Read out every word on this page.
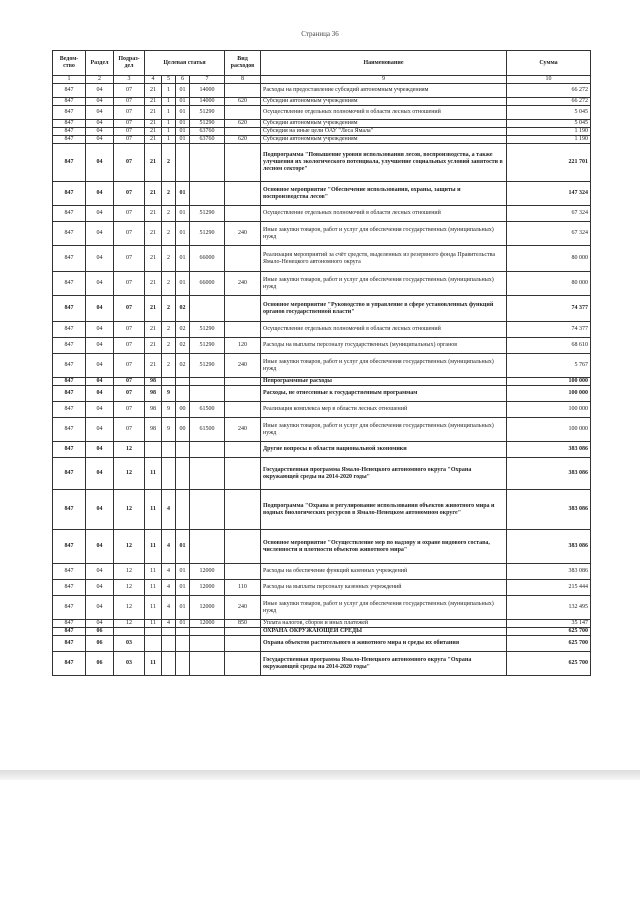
Страница 36
Ведом-ство	Раздел	Подраз-дел	Целевая статья				Вид расходов	Наименование	Сумма
1	2	3	4	5	6	7	8	9	10
847	04	07	21	1	01	14000		Расходы на предоставление субсидий автономным учреждениям	66 272
847	04	07	21	1	01	14000	620	Субсидии автономным учреждениям	66 272
847	04	07	21	1	01	51290		Осуществление отдельных полномочий в области лесных отношений	5 045
847	04	07	21	1	01	51290	620	Субсидии автономным учреждениям	5 045
847	04	07	21	1	01	63760		Субсидия на иные цели ОАУ "Леса Ямала"	1 190
847	04	07	21	1	01	63760	620	Субсидии автономным учреждениям	1 190
847	04	07	21	2				Подпрограмма "Повышение уровня использования лесов, воспроизводства, а также улучшения их экологического потенциала, улучшение социальных условий занятости в лесном секторе"	221 701
847	04	07	21	2	01			Основное мероприятие "Обеспечение использования, охраны, защиты и воспроизводства лесов"	147 324
847	04	07	21	2	01	51290		Осуществление отдельных полномочий в области лесных отношений	67 324
847	04	07	21	2	01	51290	240	Иные закупки товаров, работ и услуг для обеспечения государственных (муниципальных) нужд	67 324
847	04	07	21	2	01	66000		Реализация мероприятий за счёт средств, выделенных из резервного фонда Правительства Ямало-Ненецкого автономного округа	80 000
847	04	07	21	2	01	66000	240	Иные закупки товаров, работ и услуг для обеспечения государственных (муниципальных) нужд	80 000
847	04	07	21	2	02			Основное мероприятие "Руководство и управление в сфере установленных функций органов государственной власти"	74 377
847	04	07	21	2	02	51290		Осуществление отдельных полномочий в области лесных отношений	74 377
847	04	07	21	2	02	51290	120	Расходы на выплаты персоналу государственных (муниципальных) органов	68 610
847	04	07	21	2	02	51290	240	Иные закупки товаров, работ и услуг для обеспечения государственных (муниципальных) нужд	5 767
847	04	07	98					Непрограммные расходы	100 000
847	04	07	98	9				Расходы, не отнесенные к государственным программам	100 000
847	04	07	98	9	00	61500		Реализация комплекса мер в области лесных отношений	100 000
847	04	07	98	9	00	61500	240	Иные закупки товаров, работ и услуг для обеспечения государственных (муниципальных) нужд	100 000
847	04	12						Другие вопросы в области национальной экономики	383 086
847	04	12	11					Государственная программа Ямало-Ненецкого автономного округа "Охрана окружающей среды на 2014-2020 годы"	383 086
847	04	12	11	4				Подпрограмма "Охрана и регулирование использования объектов животного мира и водных биологических ресурсов в Ямало-Ненецком автономном округе"	383 086
847	04	12	11	4	01			Основное мероприятие "Осуществление мер по надзору и охране видового состава, численности и плотности объектов животного мира"	383 086
847	04	12	11	4	01	12000		Расходы на обеспечение функций казенных учреждений	383 086
847	04	12	11	4	01	12000	110	Расходы на выплаты персоналу казенных учреждений	215 444
847	04	12	11	4	01	12000	240	Иные закупки товаров, работ и услуг для обеспечения государственных (муниципальных) нужд	132 495
847	04	12	11	4	01	12000	850	Уплата налогов, сборов и иных платежей	35 147
847	06							ОХРАНА ОКРУЖАЮЩЕЙ СРЕДЫ	625 700
847	06	03						Охрана объектов растительного и животного мира и среды их обитания	625 700
847	06	03	11					Государственная программа Ямало-Ненецкого автономного округа "Охрана окружающей среды на 2014-2020 годы"	625 700
